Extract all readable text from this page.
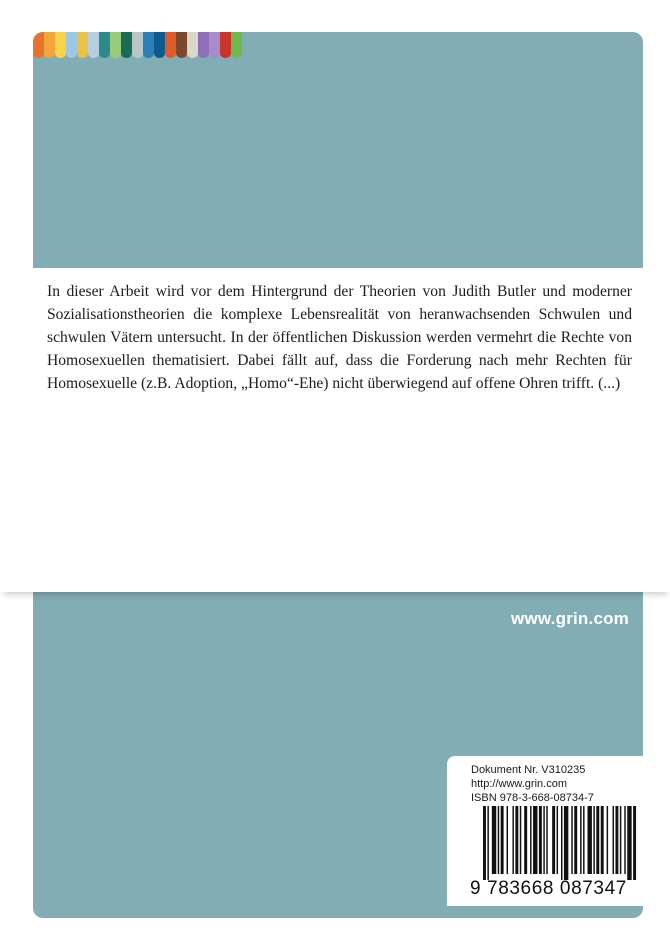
In dieser Arbeit wird vor dem Hintergrund der Theorien von Judith Butler und moderner Sozialisationstheorien die komplexe Lebensrealität von heranwachsenden Schwulen und schwulen Vätern untersucht. In der öffentlichen Diskussion werden vermehrt die Rechte von Homosexuellen thematisiert. Dabei fällt auf, dass die Forderung nach mehr Rechten für Homosexuelle (z.B. Adoption, „Homo“-Ehe) nicht überwiegend auf offene Ohren trifft. (...)

www.grin.com
Dokument Nr. V310235
http://www.grin.com
ISBN 978-3-668-08734-7
9 783668 087347
